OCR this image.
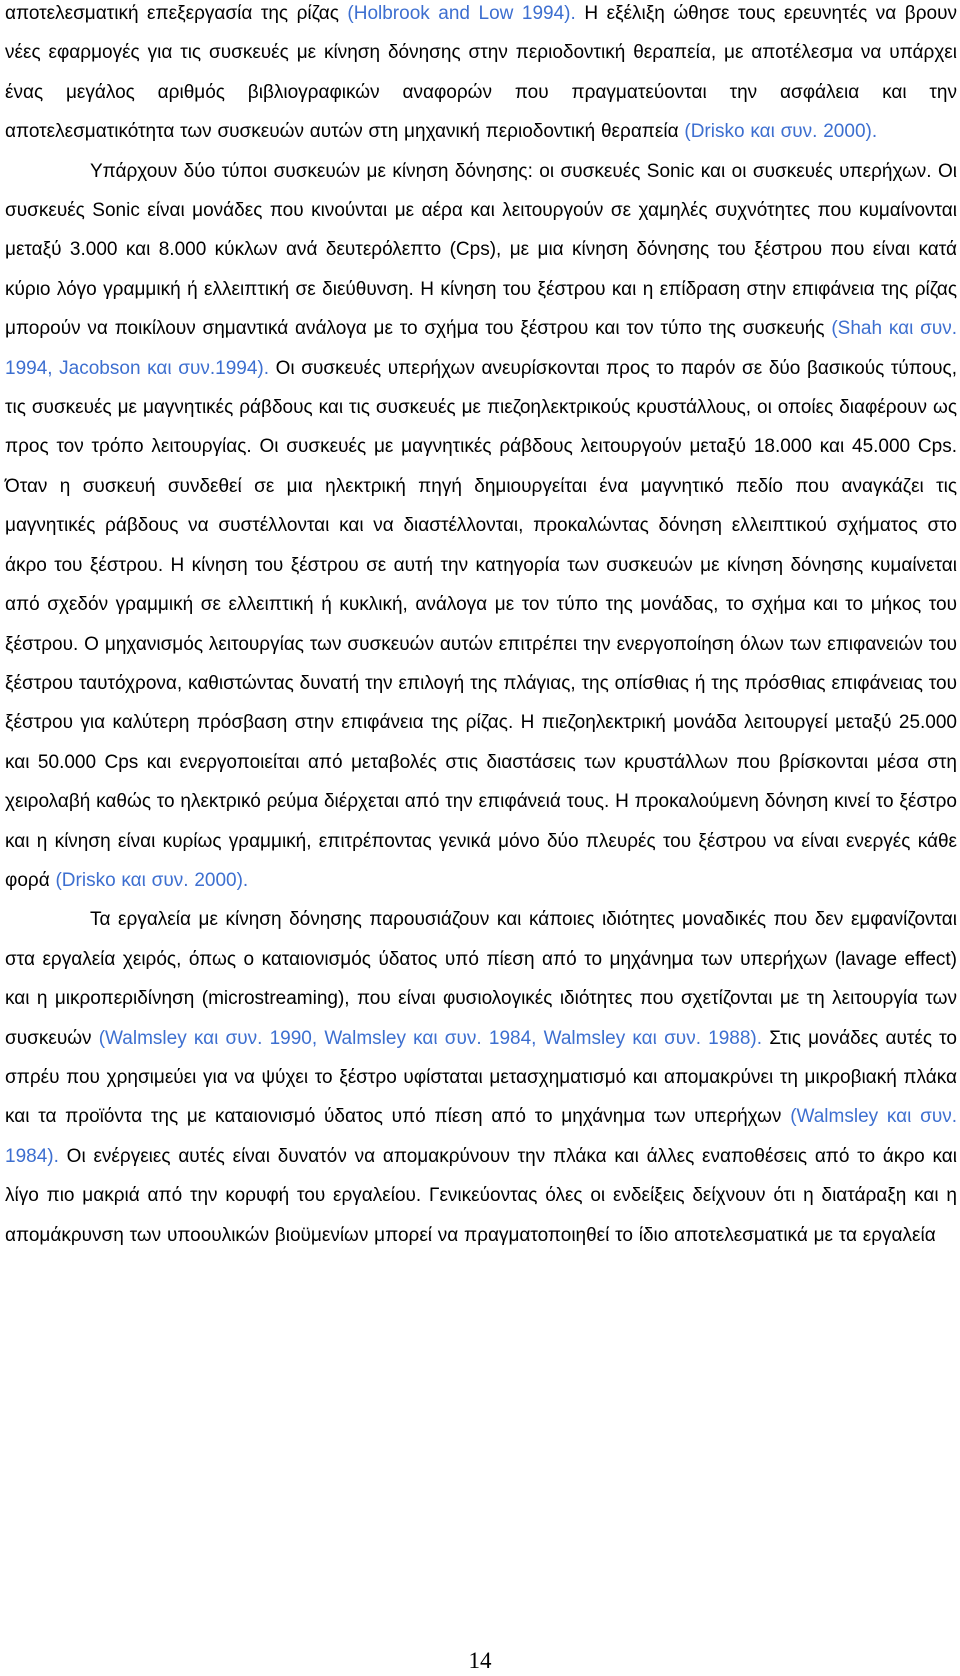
αποτελεσματική επεξεργασία της ρίζας (Holbrook and Low 1994). Η εξέλιξη ώθησε τους ερευνητές να βρουν νέες εφαρμογές για τις συσκευές με κίνηση δόνησης στην περιοδοντική θεραπεία, με αποτέλεσμα να υπάρχει ένας μεγάλος αριθμός βιβλιογραφικών αναφορών που πραγματεύονται την ασφάλεια και την αποτελεσματικότητα των συσκευών αυτών στη μηχανική περιοδοντική θεραπεία (Drisko και συν. 2000).

Υπάρχουν δύο τύποι συσκευών με κίνηση δόνησης: οι συσκευές Sonic και οι συσκευές υπερήχων. Οι συσκευές Sonic είναι μονάδες που κινούνται με αέρα και λειτουργούν σε χαμηλές συχνότητες που κυμαίνονται μεταξύ 3.000 και 8.000 κύκλων ανά δευτερόλεπτο (Cps), με μια κίνηση δόνησης του ξέστρου που είναι κατά κύριο λόγο γραμμική ή ελλειπτική σε διεύθυνση. Η κίνηση του ξέστρου και η επίδραση στην επιφάνεια της ρίζας μπορούν να ποικίλουν σημαντικά ανάλογα με το σχήμα του ξέστρου και τον τύπο της συσκευής (Shah και συν. 1994, Jacobson και συν.1994). Οι συσκευές υπερήχων ανευρίσκονται προς το παρόν σε δύο βασικούς τύπους, τις συσκευές με μαγνητικές ράβδους και τις συσκευές με πιεζοηλεκτρικούς κρυστάλλους, οι οποίες διαφέρουν ως προς τον τρόπο λειτουργίας. Οι συσκευές με μαγνητικές ράβδους λειτουργούν μεταξύ 18.000 και 45.000 Cps. Όταν η συσκευή συνδεθεί σε μια ηλεκτρική πηγή δημιουργείται ένα μαγνητικό πεδίο που αναγκάζει τις μαγνητικές ράβδους να συστέλλονται και να διαστέλλονται, προκαλώντας δόνηση ελλειπτικού σχήματος στο άκρο του ξέστρου. Η κίνηση του ξέστρου σε αυτή την κατηγορία των συσκευών με κίνηση δόνησης κυμαίνεται από σχεδόν γραμμική σε ελλειπτική ή κυκλική, ανάλογα με τον τύπο της μονάδας, το σχήμα και το μήκος του ξέστρου. Ο μηχανισμός λειτουργίας των συσκευών αυτών επιτρέπει την ενεργοποίηση όλων των επιφανειών του ξέστρου ταυτόχρονα, καθιστώντας δυνατή την επιλογή της πλάγιας, της οπίσθιας ή της πρόσθιας επιφάνειας του ξέστρου για καλύτερη πρόσβαση στην επιφάνεια της ρίζας. Η πιεζοηλεκτρική μονάδα λειτουργεί μεταξύ 25.000 και 50.000 Cps και ενεργοποιείται από μεταβολές στις διαστάσεις των κρυστάλλων που βρίσκονται μέσα στη χειρολαβή καθώς το ηλεκτρικό ρεύμα διέρχεται από την επιφάνειά τους. Η προκαλούμενη δόνηση κινεί το ξέστρο και η κίνηση είναι κυρίως γραμμική, επιτρέποντας γενικά μόνο δύο πλευρές του ξέστρου να είναι ενεργές κάθε φορά (Drisko και συν. 2000).

Τα εργαλεία με κίνηση δόνησης παρουσιάζουν και κάποιες ιδιότητες μοναδικές που δεν εμφανίζονται στα εργαλεία χειρός, όπως ο καταιονισμός ύδατος υπό πίεση από το μηχάνημα των υπερήχων (lavage effect) και η μικροπεριδίνηση (microstreaming), που είναι φυσιολογικές ιδιότητες που σχετίζονται με τη λειτουργία των συσκευών (Walmsley και συν. 1990, Walmsley και συν. 1984, Walmsley και συν. 1988). Στις μονάδες αυτές το σπρέυ που χρησιμεύει για να ψύχει το ξέστρο υφίσταται μετασχηματισμό και απομακρύνει τη μικροβιακή πλάκα και τα προϊόντα της με καταιονισμό ύδατος υπό πίεση από το μηχάνημα των υπερήχων (Walmsley και συν. 1984). Οι ενέργειες αυτές είναι δυνατόν να απομακρύνουν την πλάκα και άλλες εναποθέσεις από το άκρο και λίγο πιο μακριά από την κορυφή του εργαλείου. Γενικεύοντας όλες οι ενδείξεις δείχνουν ότι η διατάραξη και η απομάκρυνση των υποουλικών βιοϋμενίων μπορεί να πραγματοποιηθεί το ίδιο αποτελεσματικά με τα εργαλεία

14
